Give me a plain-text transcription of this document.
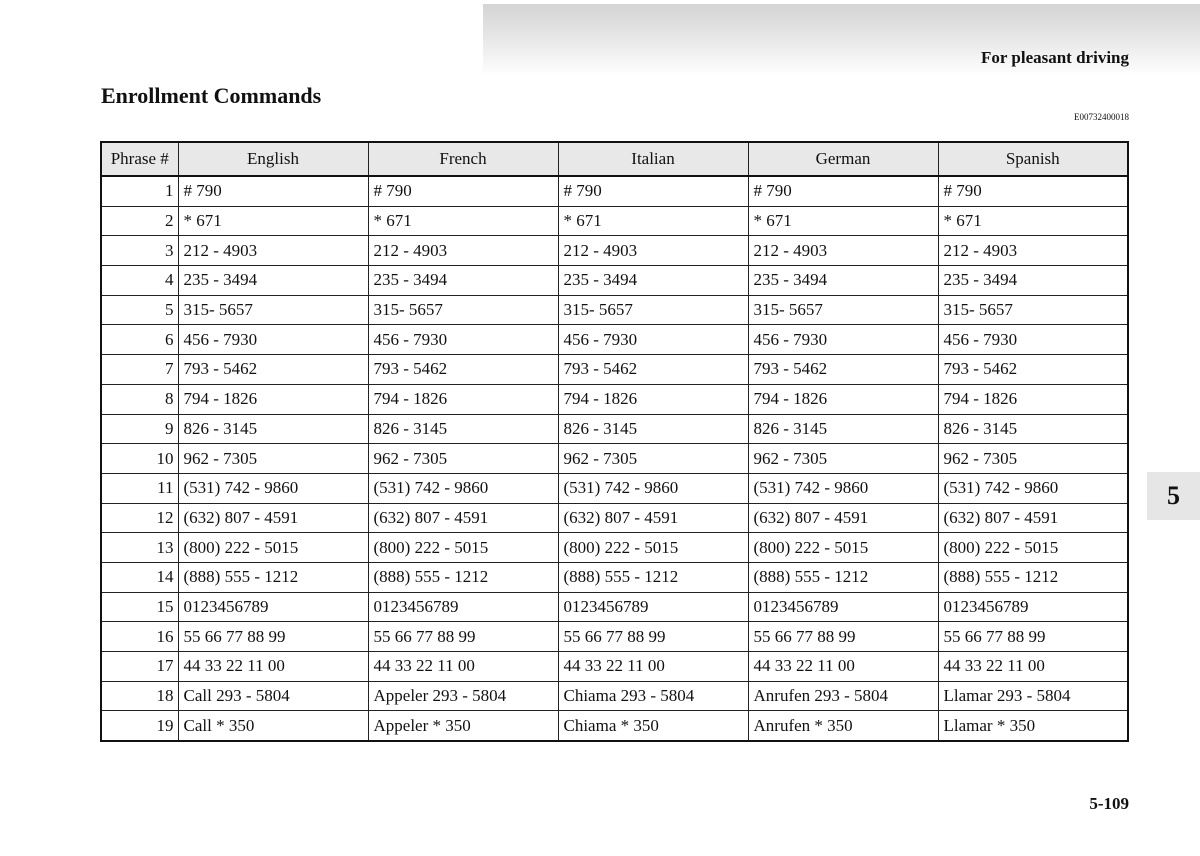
For pleasant driving
Enrollment Commands
E00732400018
Phrase #	English	French	Italian	German	Spanish
1	# 790	# 790	# 790	# 790	# 790
2	* 671	* 671	* 671	* 671	* 671
3	212 - 4903	212 - 4903	212 - 4903	212 - 4903	212 - 4903
4	235 - 3494	235 - 3494	235 - 3494	235 - 3494	235 - 3494
5	315- 5657	315- 5657	315- 5657	315- 5657	315- 5657
6	456 - 7930	456 - 7930	456 - 7930	456 - 7930	456 - 7930
7	793 - 5462	793 - 5462	793 - 5462	793 - 5462	793 - 5462
8	794 - 1826	794 - 1826	794 - 1826	794 - 1826	794 - 1826
9	826 - 3145	826 - 3145	826 - 3145	826 - 3145	826 - 3145
10	962 - 7305	962 - 7305	962 - 7305	962 - 7305	962 - 7305
11	(531) 742 - 9860	(531) 742 - 9860	(531) 742 - 9860	(531) 742 - 9860	(531) 742 - 9860
12	(632) 807 - 4591	(632) 807 - 4591	(632) 807 - 4591	(632) 807 - 4591	(632) 807 - 4591
13	(800) 222 - 5015	(800) 222 - 5015	(800) 222 - 5015	(800) 222 - 5015	(800) 222 - 5015
14	(888) 555 - 1212	(888) 555 - 1212	(888) 555 - 1212	(888) 555 - 1212	(888) 555 - 1212
15	0123456789	0123456789	0123456789	0123456789	0123456789
16	55 66 77 88 99	55 66 77 88 99	55 66 77 88 99	55 66 77 88 99	55 66 77 88 99
17	44 33 22 11 00	44 33 22 11 00	44 33 22 11 00	44 33 22 11 00	44 33 22 11 00
18	Call 293 - 5804	Appeler 293 - 5804	Chiama 293 - 5804	Anrufen 293 - 5804	Llamar 293 - 5804
19	Call * 350	Appeler * 350	Chiama * 350	Anrufen * 350	Llamar * 350
5
5-109
